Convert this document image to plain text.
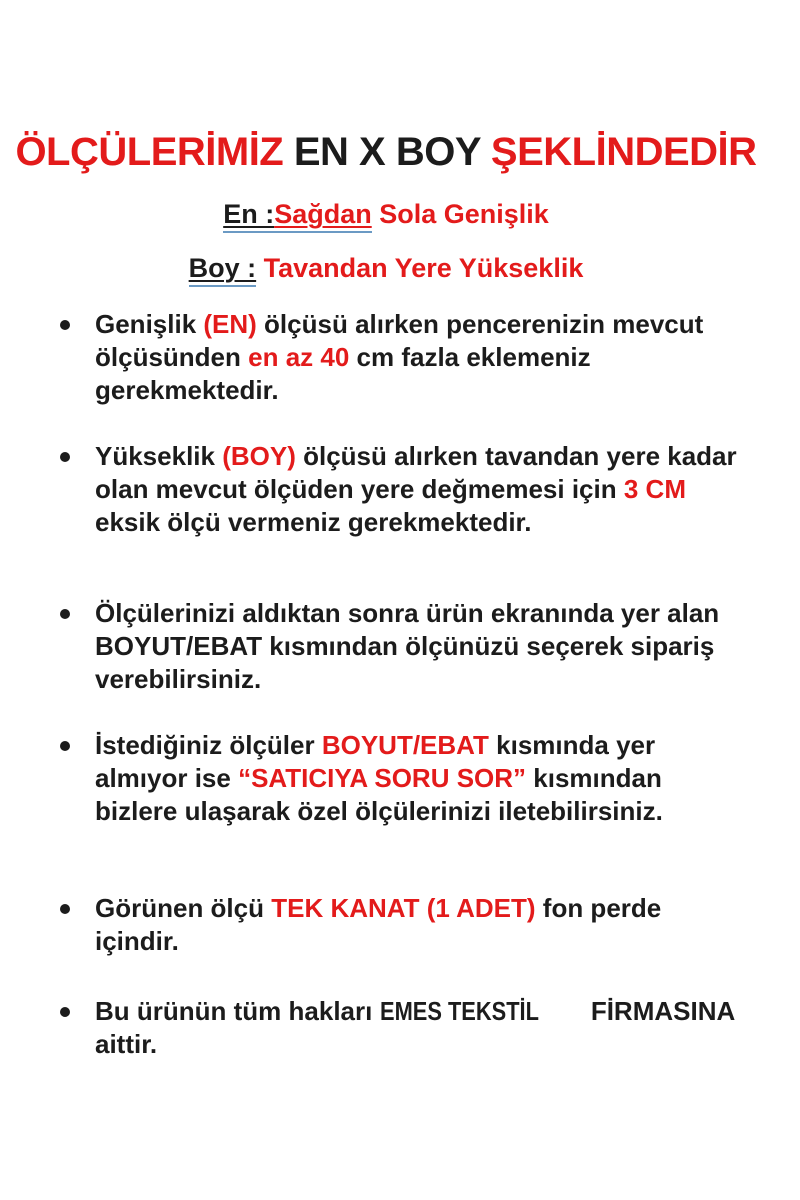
ÖLÇÜLERİMİZ EN X BOY ŞEKLİNDEDİR
En :Sağdan Sola Genişlik
Boy : Tavandan Yere Yükseklik
Genişlik (EN) ölçüsü alırken pencerenizin mevcut ölçüsünden en az 40 cm fazla eklemeniz gerekmektedir.
Yükseklik (BOY) ölçüsü alırken tavandan yere kadar olan mevcut ölçüden yere değmemesi için 3 CM eksik ölçü vermeniz gerekmektedir.
Ölçülerinizi aldıktan sonra ürün ekranında yer alan BOYUT/EBAT kısmından ölçünüzü seçerek sipariş verebilirsiniz.
İstediğiniz ölçüler BOYUT/EBAT kısmında yer almıyor ise “SATICIYA SORU SOR” kısmından bizlere ulaşarak özel ölçülerinizi iletebilirsiniz.
Görünen ölçü TEK KANAT (1 ADET) fon perde içindir.
Bu ürünün tüm hakları EMES TEKSTİL FİRMASINA aittir.
